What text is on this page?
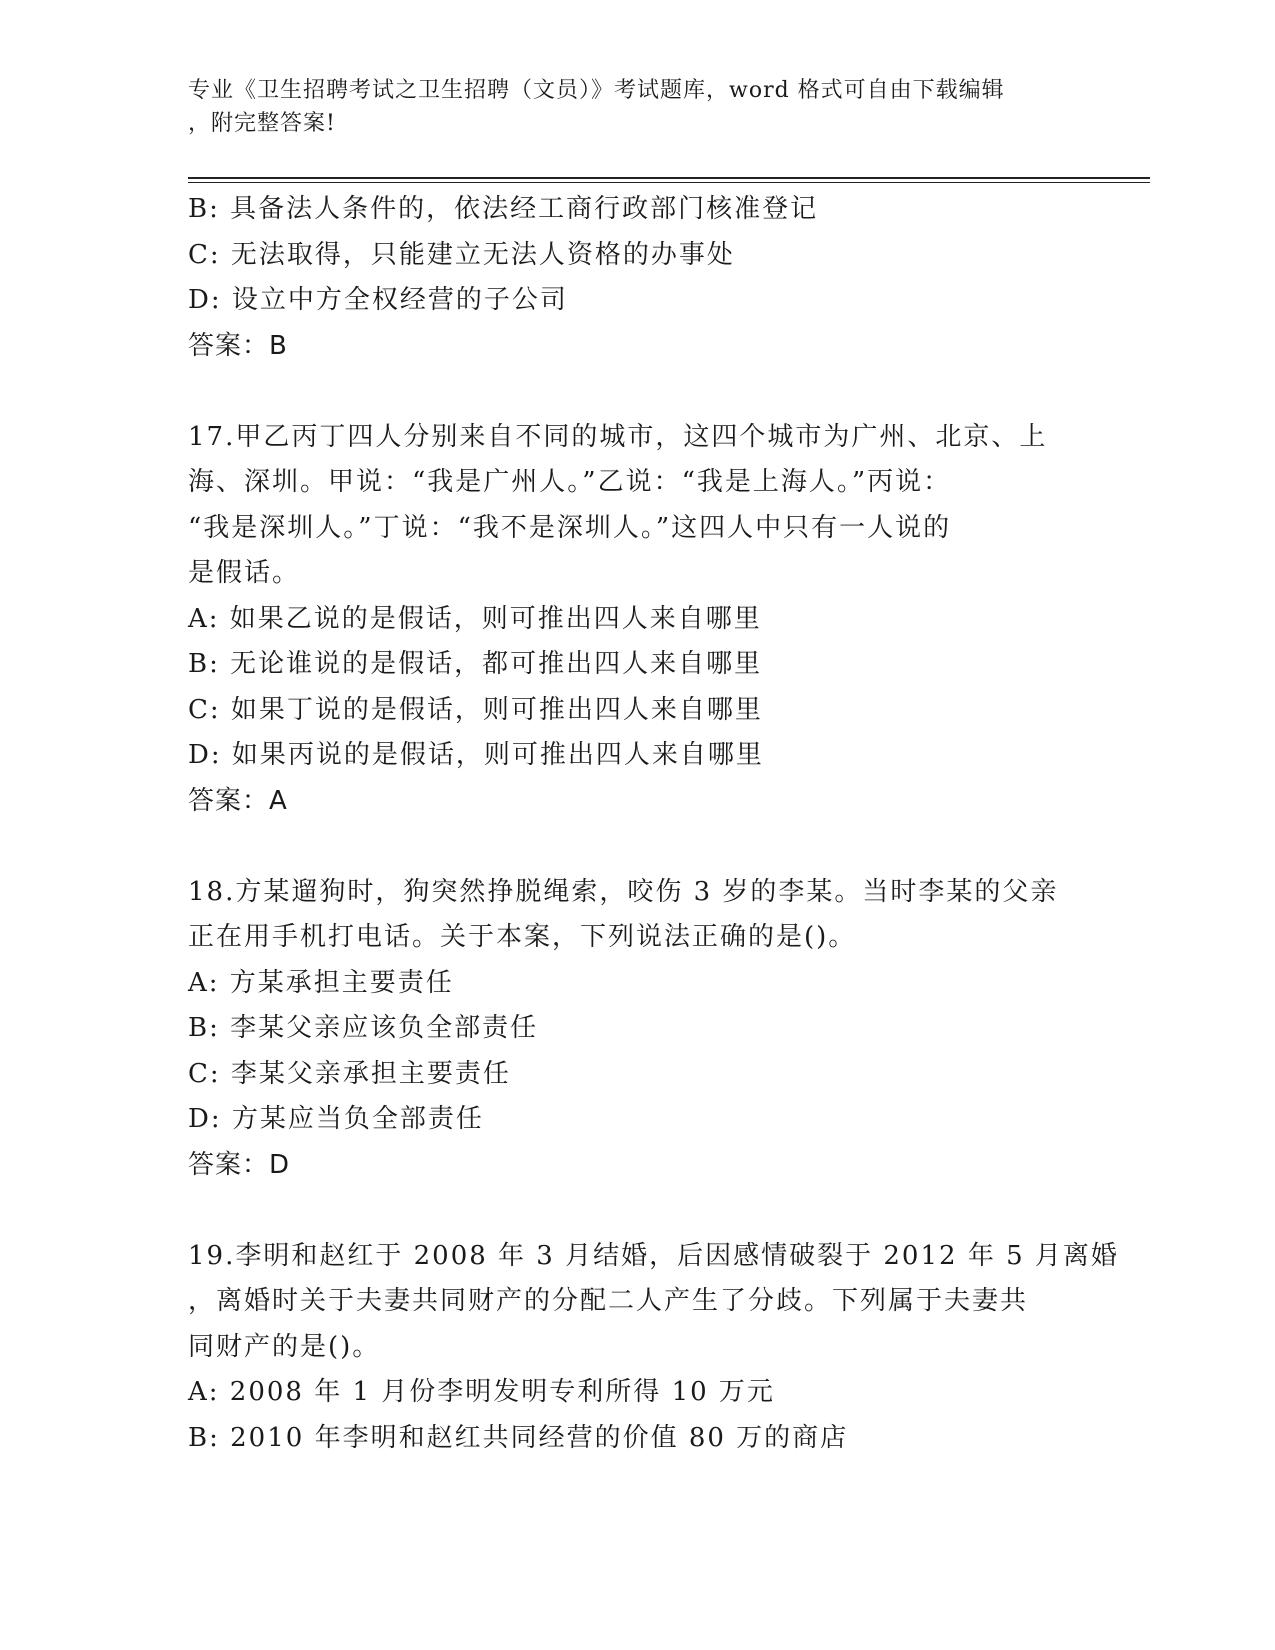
专业《卫生招聘考试之卫生招聘（文员）》考试题库，word 格式可自由下载编辑
，附完整答案!
B: 具备法人条件的，依法经工商行政部门核准登记
C: 无法取得，只能建立无法人资格的办事处
D: 设立中方全权经营的子公司
答案：B
17.甲乙丙丁四人分别来自不同的城市，这四个城市为广州、北京、上
海、深圳。甲说：“我是广州人。”乙说：“我是上海人。”丙说：
“我是深圳人。”丁说：“我不是深圳人。”这四人中只有一人说的
是假话。
A: 如果乙说的是假话，则可推出四人来自哪里
B: 无论谁说的是假话，都可推出四人来自哪里
C: 如果丁说的是假话，则可推出四人来自哪里
D: 如果丙说的是假话，则可推出四人来自哪里
答案：A
18.方某遛狗时，狗突然挣脱绳索，咬伤 3 岁的李某。当时李某的父亲
正在用手机打电话。关于本案，下列说法正确的是()。
A: 方某承担主要责任
B: 李某父亲应该负全部责任
C: 李某父亲承担主要责任
D: 方某应当负全部责任
答案：D
19.李明和赵红于 2008 年 3 月结婚，后因感情破裂于 2012 年 5 月离婚
，离婚时关于夫妻共同财产的分配二人产生了分歧。下列属于夫妻共
同财产的是()。
A: 2008 年 1 月份李明发明专利所得 10 万元
B: 2010 年李明和赵红共同经营的价值 80 万的商店
